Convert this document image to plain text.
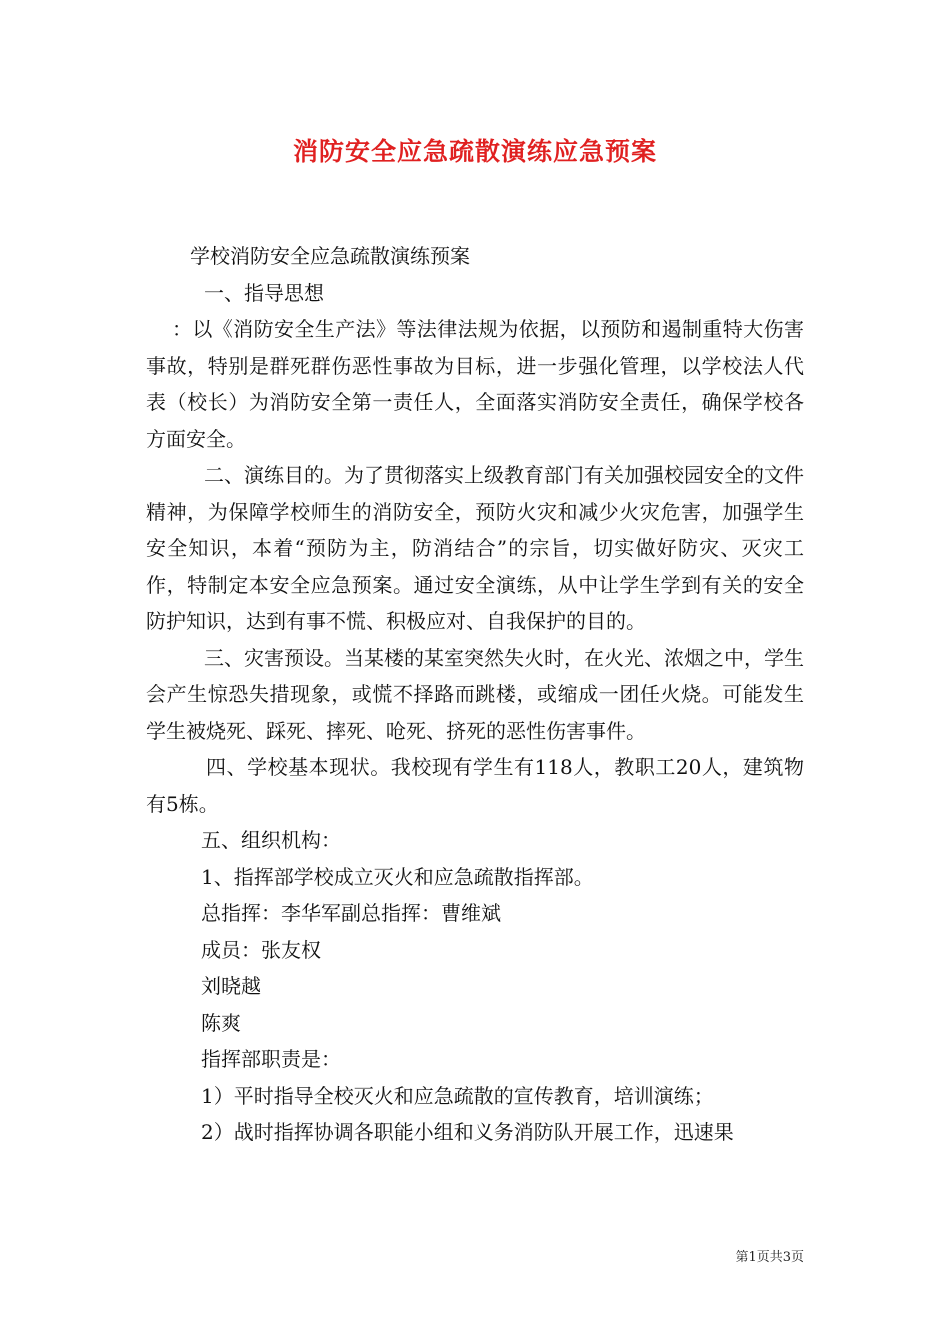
消防安全应急疏散演练应急预案

学校消防安全应急疏散演练预案

一、指导思想

：以《消防安全生产法》等法律法规为依据，以预防和遏制重特大伤害事故，特别是群死群伤恶性事故为目标，进一步强化管理，以学校法人代表（校长）为消防安全第一责任人，全面落实消防安全责任，确保学校各方面安全。

二、演练目的。为了贯彻落实上级教育部门有关加强校园安全的文件精神，为保障学校师生的消防安全，预防火灾和减少火灾危害，加强学生安全知识，本着“预防为主，防消结合”的宗旨，切实做好防灾、灭灾工作，特制定本安全应急预案。通过安全演练，从中让学生学到有关的安全防护知识，达到有事不慌、积极应对、自我保护的目的。

三、灾害预设。当某楼的某室突然失火时，在火光、浓烟之中，学生会产生惊恐失措现象，或慌不择路而跳楼，或缩成一团任火烧。可能发生学生被烧死、踩死、摔死、呛死、挤死的恶性伤害事件。

四、学校基本现状。我校现有学生有118人，教职工20人，建筑物有5栋。

五、组织机构：

1、指挥部学校成立灭火和应急疏散指挥部。

总指挥：李华军副总指挥：曹维斌

成员：张友权

刘晓越

陈爽

指挥部职责是：

1）平时指导全校灭火和应急疏散的宣传教育，培训演练；

2）战时指挥协调各职能小组和义务消防队开展工作，迅速果

第1页共3页
